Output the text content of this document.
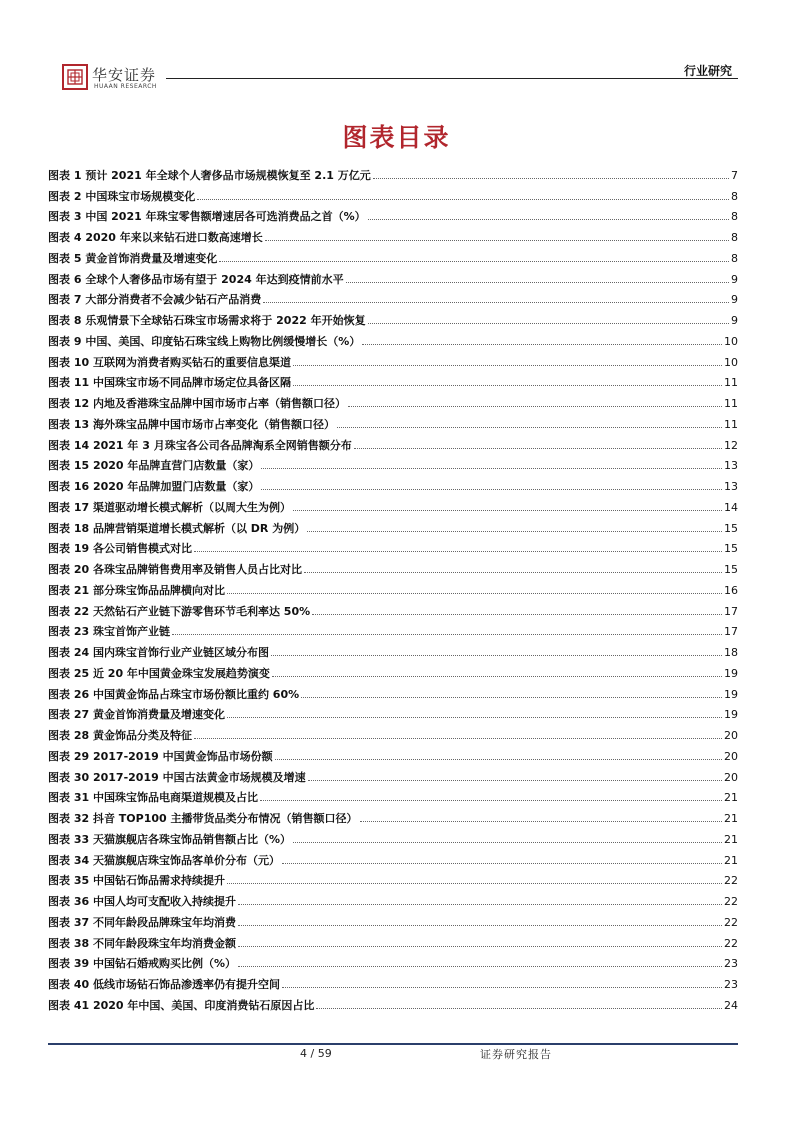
华安证券
HUAAN RESEARCH
行业研究
图表目录
图表 1 预计 2021 年全球个人奢侈品市场规模恢复至 2.1 万亿元	7
图表 2 中国珠宝市场规模变化	8
图表 3 中国 2021 年珠宝零售额增速居各可选消费品之首（%）	8
图表 4 2020 年来以来钻石进口数高速增长	8
图表 5 黄金首饰消费量及增速变化	8
图表 6 全球个人奢侈品市场有望于 2024 年达到疫情前水平	9
图表 7 大部分消费者不会减少钻石产品消费	9
图表 8 乐观情景下全球钻石珠宝市场需求将于 2022 年开始恢复	9
图表 9 中国、美国、印度钻石珠宝线上购物比例缓慢增长（%）	10
图表 10 互联网为消费者购买钻石的重要信息渠道	10
图表 11 中国珠宝市场不同品牌市场定位具备区隔	11
图表 12 内地及香港珠宝品牌中国市场市占率（销售额口径）	11
图表 13 海外珠宝品牌中国市场市占率变化（销售额口径）	11
图表 14 2021 年 3 月珠宝各公司各品牌淘系全网销售额分布	12
图表 15 2020 年品牌直营门店数量（家）	13
图表 16 2020 年品牌加盟门店数量（家）	13
图表 17 渠道驱动增长模式解析（以周大生为例）	14
图表 18 品牌营销渠道增长模式解析（以 DR 为例）	15
图表 19 各公司销售模式对比	15
图表 20 各珠宝品牌销售费用率及销售人员占比对比	15
图表 21 部分珠宝饰品品牌横向对比	16
图表 22 天然钻石产业链下游零售环节毛利率达 50%	17
图表 23 珠宝首饰产业链	17
图表 24 国内珠宝首饰行业产业链区域分布图	18
图表 25 近 20 年中国黄金珠宝发展趋势演变	19
图表 26 中国黄金饰品占珠宝市场份额比重约 60%	19
图表 27 黄金首饰消费量及增速变化	19
图表 28 黄金饰品分类及特征	20
图表 29 2017-2019 中国黄金饰品市场份额	20
图表 30 2017-2019 中国古法黄金市场规模及增速	20
图表 31 中国珠宝饰品电商渠道规模及占比	21
图表 32 抖音 TOP100 主播带货品类分布情况（销售额口径）	21
图表 33 天猫旗舰店各珠宝饰品销售额占比（%）	21
图表 34 天猫旗舰店珠宝饰品客单价分布（元）	21
图表 35 中国钻石饰品需求持续提升	22
图表 36 中国人均可支配收入持续提升	22
图表 37 不同年龄段品牌珠宝年均消费	22
图表 38 不同年龄段珠宝年均消费金额	22
图表 39 中国钻石婚戒购买比例（%）	23
图表 40 低线市场钻石饰品渗透率仍有提升空间	23
图表 41 2020 年中国、美国、印度消费钻石原因占比	24
4 / 59	证券研究报告
